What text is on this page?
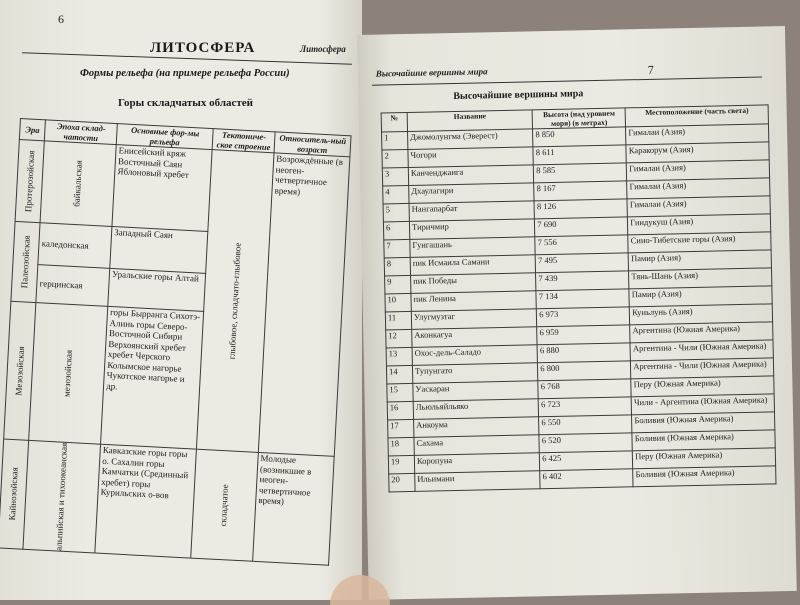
6
Литосфера
ЛИТОСФЕРА
Формы рельефа (на примере рельефа России)
Горы складчатых областей
Эра	Эпоха склад-чатости	Основные фор-мы рельефа	Тектониче-ское строение	Относитель-ный возраст

Протерозойская	байкальская	Енисейский кряж Восточный Саян Яблоновый хребет	глыбовое, складчато-глыбовое	Возрождённые (в неоген-четвертичное время)

Палеозойская	каледонская	Западный Саян		
	герцинская	Уральские горы Алтай		

Мезозойская	мезозойская	горы Бырранга Сихотэ-Алинь горы Северо-Восточной Сибири Верхоянский хребет хребет Черского Колымское нагорье Чукотское нагорье и др.		

Кайнозойская	альпийская и тихоокеанская	Кавказские горы горы о. Сахалин горы Камчатки (Срединный хребет) горы Курильских о-вов	складчатое	Молодые (возникшие в неоген-четвертичное время)
Высочайшие вершины мира	7
Высочайшие вершины мира
№	Название	Высота (над уровнем моря) (в метрах)	Местоположение (часть света)
1	Джомолунгма (Эверест)	8 850	Гималаи (Азия)
2	Чогори	8 611	Каракорум (Азия)
3	Канченджанга	8 585	Гималаи (Азия)
4	Дхаулагири	8 167	Гималаи (Азия)
5	Нангапарбат	8 126	Гималаи (Азия)
6	Тиричмир	7 690	Гиндукуш (Азия)
7	Гунгашань	7 556	Сино-Тибетские горы (Азия)
8	пик Исмаила Самани	7 495	Памир (Азия)
9	пик Победы	7 439	Тянь-Шань (Азия)
10	пик Ленина	7 134	Памир (Азия)
11	Улугмузтаг	6 973	Куньлунь (Азия)
12	Аконкагуа	6 959	Аргентина (Южная Америка)
13	Охос-дель-Саладо	6 880	Аргентина - Чили (Южная Америка)
14	Тупунгато	6 800	Аргентина - Чили (Южная Америка)
15	Уаскаран	6 768	Перу (Южная Америка)
16	Льюльяйльяко	6 723	Чили - Аргентина (Южная Америка)
17	Анкоума	6 550	Боливия (Южная Америка)
18	Сахама	6 520	Боливия (Южная Америка)
19	Коропуна	6 425	Перу (Южная Америка)
20	Ильимани	6 402	Боливия (Южная Америка)
